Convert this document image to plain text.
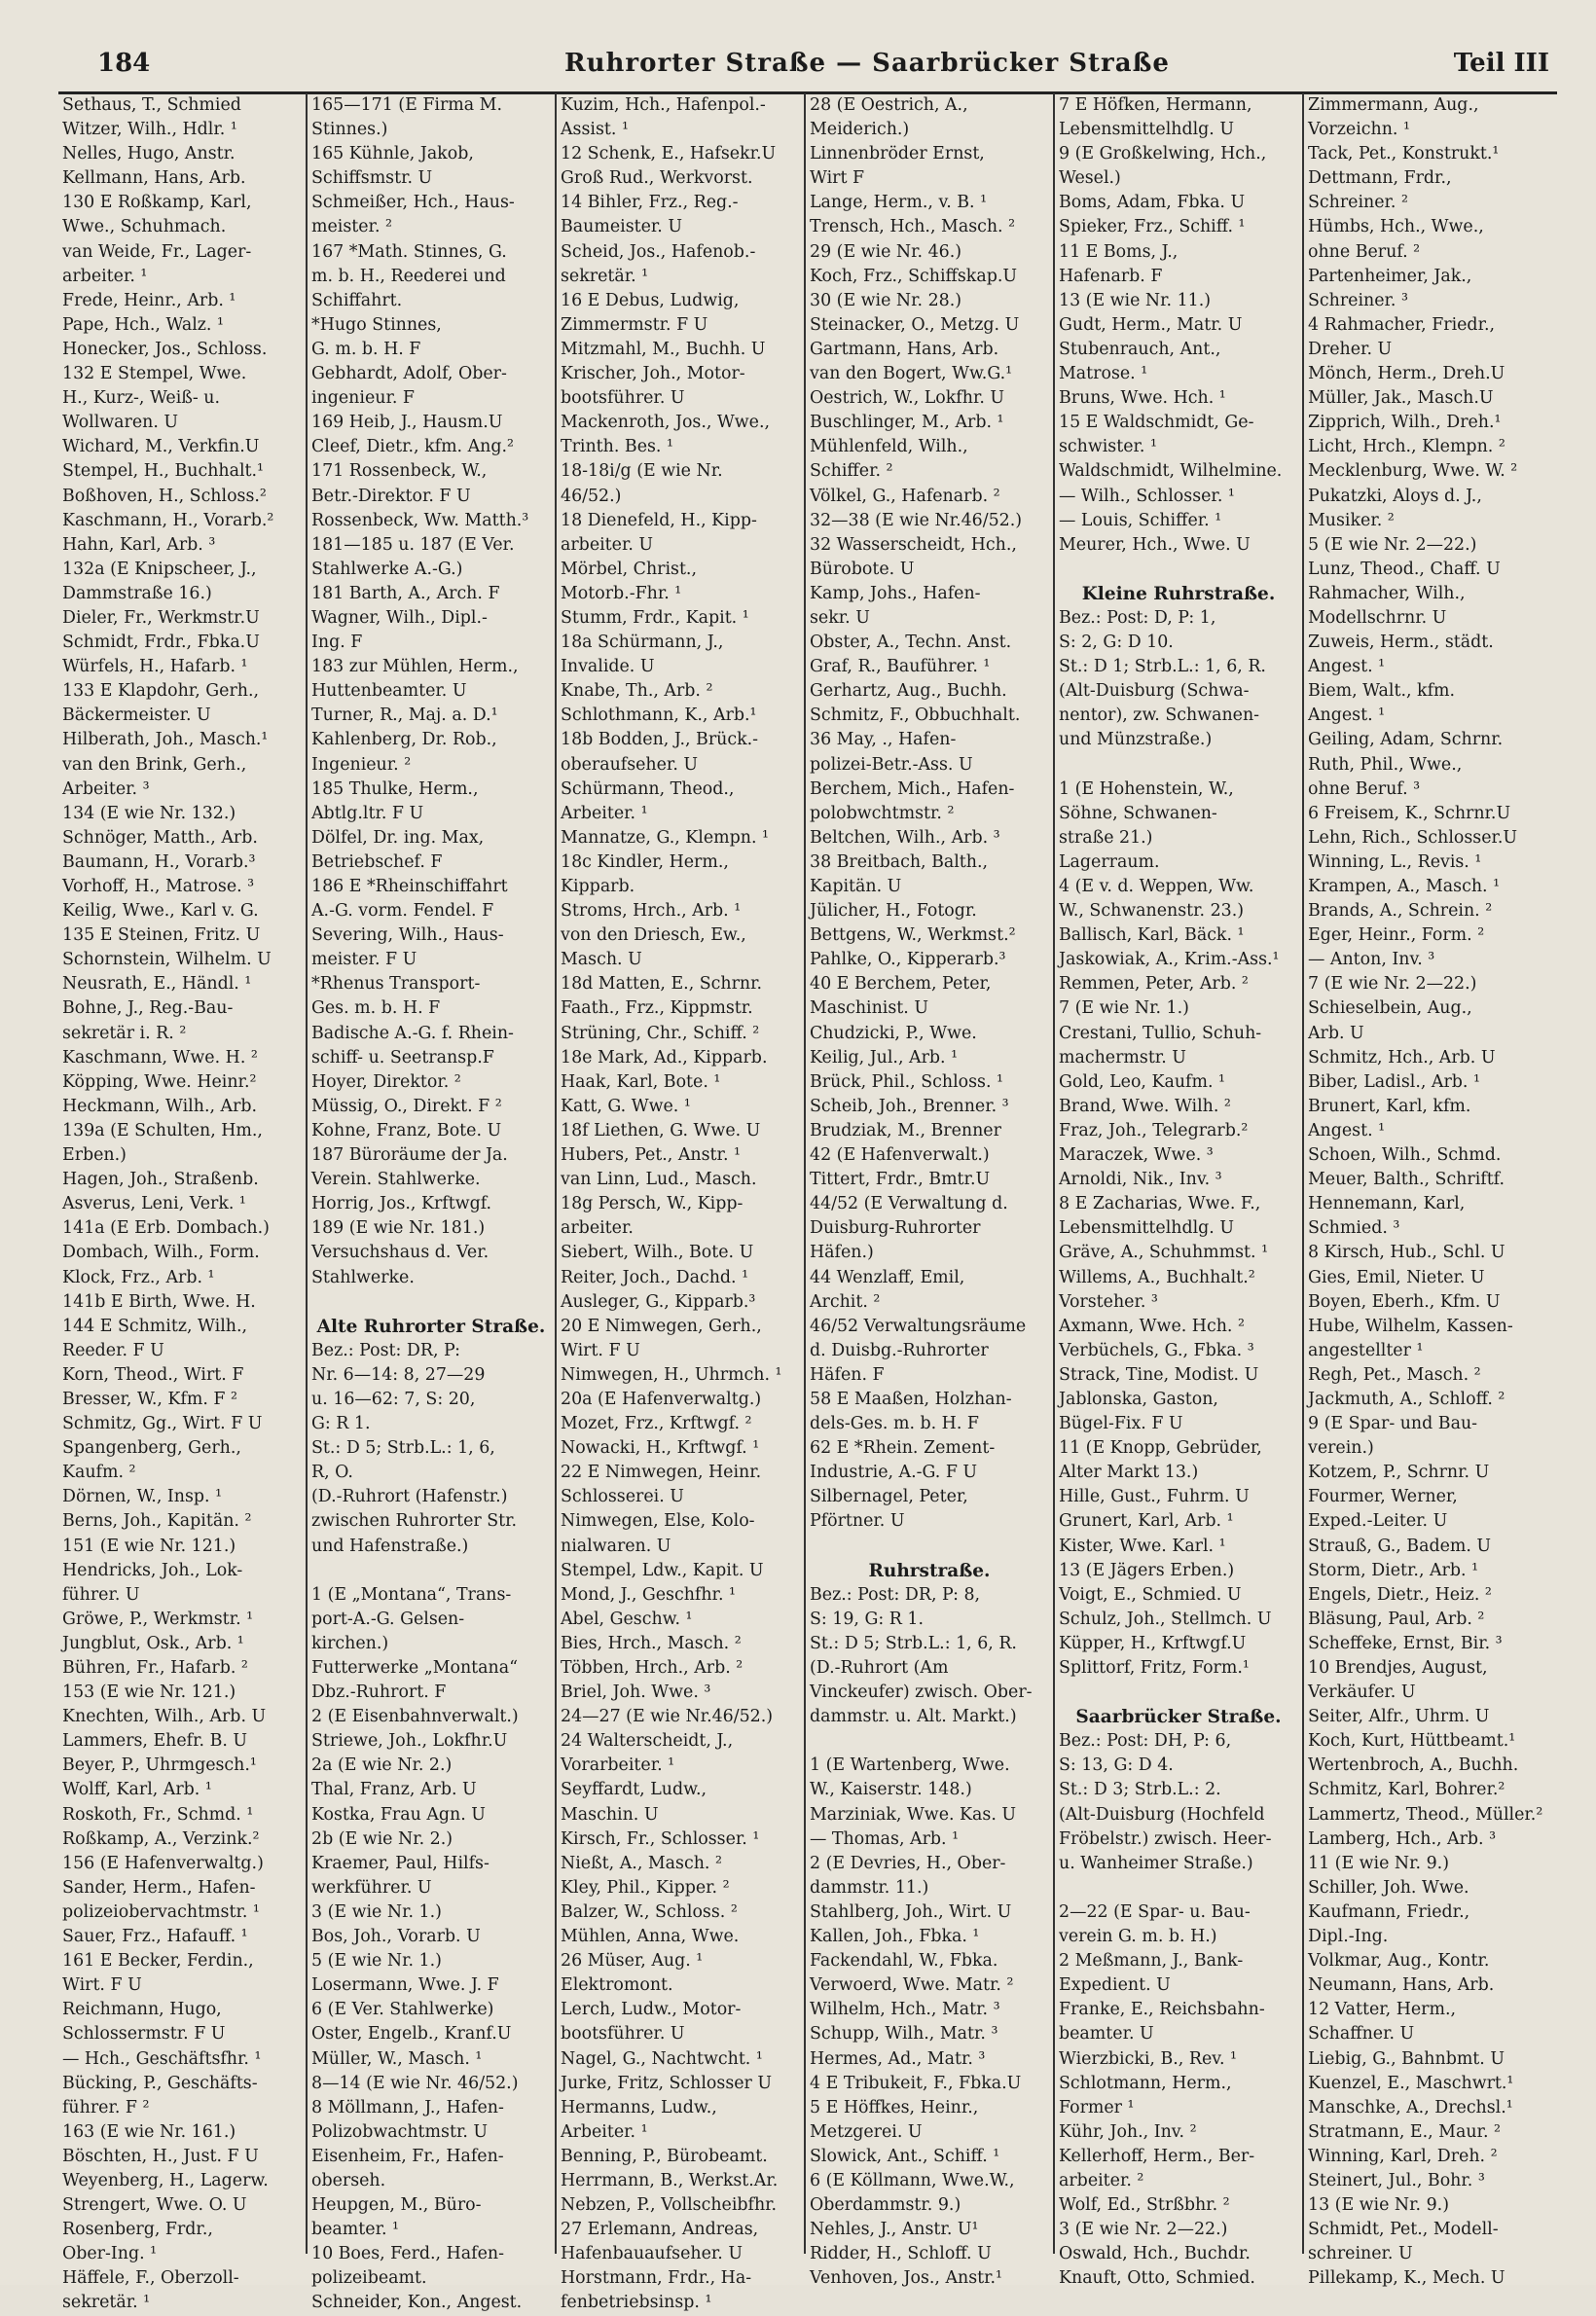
184	Ruhrorter Straße — Saarbrücker Straße	Teil III
Sethaus, T., Schmied
Witzer, Wilh., Hdlr. ¹
Nelles, Hugo, Anstr.
Kellmann, Hans, Arb.
130 E Roßkamp, Karl,
Wwe., Schuhmach.
van Weide, Fr., Lager-
arbeiter. ¹
Frede, Heinr., Arb. ¹
Pape, Hch., Walz. ¹
Honecker, Jos., Schloss.
132 E Stempel, Wwe.
H., Kurz-, Weiß- u.
Wollwaren. U
Wichard, M., Verkfin.U
Stempel, H., Buchhalt.¹
Boßhoven, H., Schloss.²
Kaschmann, H., Vorarb.²
Hahn, Karl, Arb. ³
132a (E Knipscheer, J.,
Dammstraße 16.)
Dieler, Fr., Werkmstr.U
Schmidt, Frdr., Fbka.U
Würfels, H., Hafarb. ¹
133 E Klapdohr, Gerh.,
Bäckermeister. U
Hilberath, Joh., Masch.¹
van den Brink, Gerh.,
Arbeiter. ³
134 (E wie Nr. 132.)
Schnöger, Matth., Arb.
Baumann, H., Vorarb.³
Vorhoff, H., Matrose. ³
Keilig, Wwe., Karl v. G.
135 E Steinen, Fritz. U
Schornstein, Wilhelm. U
Neusrath, E., Händl. ¹
Bohne, J., Reg.-Bau-
sekretär i. R. ²
Kaschmann, Wwe. H. ²
Köpping, Wwe. Heinr.²
Heckmann, Wilh., Arb.
139a (E Schulten, Hm.,
Erben.)
Hagen, Joh., Straßenb.
Asverus, Leni, Verk. ¹
141a (E Erb. Dombach.)
Dombach, Wilh., Form.
Klock, Frz., Arb. ¹
141b E Birth, Wwe. H.
144 E Schmitz, Wilh.,
Reeder. F U
Korn, Theod., Wirt. F
Bresser, W., Kfm. F ²
Schmitz, Gg., Wirt. F U
Spangenberg, Gerh.,
Kaufm. ²
Dörnen, W., Insp. ¹
Berns, Joh., Kapitän. ²
151 (E wie Nr. 121.)
Hendricks, Joh., Lok-
führer. U
Gröwe, P., Werkmstr. ¹
Jungblut, Osk., Arb. ¹
Bühren, Fr., Hafarb. ²
153 (E wie Nr. 121.)
Knechten, Wilh., Arb. U
Lammers, Ehefr. B. U
Beyer, P., Uhrmgesch.¹
Wolff, Karl, Arb. ¹
Roskoth, Fr., Schmd. ¹
Roßkamp, A., Verzink.²
156 (E Hafenverwaltg.)
Sander, Herm., Hafen-
polizeiobervachtmstr. ¹
Sauer, Frz., Hafauff. ¹
161 E Becker, Ferdin.,
Wirt. F U
Reichmann, Hugo,
Schlossermstr. F U
— Hch., Geschäftsfhr. ¹
Bücking, P., Geschäfts-
führer. F ²
163 (E wie Nr. 161.)
Böschten, H., Just. F U
Weyenberg, H., Lagerw.
Strengert, Wwe. O. U
Rosenberg, Frdr.,
Ober-Ing. ¹
Häffele, F., Oberzoll-
sekretär. ¹
165—171 (E Firma M.
Stinnes.)
165 Kühnle, Jakob,
Schiffsmstr. U
Schmeißer, Hch., Haus-
meister. ²
167 *Math. Stinnes, G.
m. b. H., Reederei und
Schiffahrt.
*Hugo Stinnes,
G. m. b. H. F
Gebhardt, Adolf, Ober-
ingenieur. F
169 Heib, J., Hausm.U
Cleef, Dietr., kfm. Ang.²
171 Rossenbeck, W.,
Betr.-Direktor. F U
Rossenbeck, Ww. Matth.³
181—185 u. 187 (E Ver.
Stahlwerke A.-G.)
181 Barth, A., Arch. F
Wagner, Wilh., Dipl.-
Ing. F
183 zur Mühlen, Herm.,
Huttenbeamter. U
Turner, R., Maj. a. D.¹
Kahlenberg, Dr. Rob.,
Ingenieur. ²
185 Thulke, Herm.,
Abtlg.ltr. F U
Dölfel, Dr. ing. Max,
Betriebschef. F
186 E *Rheinschiffahrt
A.-G. vorm. Fendel. F
Severing, Wilh., Haus-
meister. F U
*Rhenus Transport-
Ges. m. b. H. F
Badische A.-G. f. Rhein-
schiff- u. Seetransp.F
Hoyer, Direktor. ²
Müssig, O., Direkt. F ²
Kohne, Franz, Bote. U
187 Büroräume der Ja.
Verein. Stahlwerke.
Horrig, Jos., Krftwgf.
189 (E wie Nr. 181.)
Versuchshaus d. Ver.
Stahlwerke.
Alte Ruhrorter Straße.
Bez.: Post: DR, P:
Nr. 6—14: 8, 27—29
u. 16—62: 7, S: 20,
G: R 1.
St.: D 5; Strb.L.: 1, 6,
R, O.
(D.-Ruhrort (Hafenstr.)
zwischen Ruhrorter Str.
und Hafenstraße.)
1 (E „Montana“, Trans-
port-A.-G. Gelsen-
kirchen.)
Futterwerke „Montana“
Dbz.-Ruhrort. F
2 (E Eisenbahnverwalt.)
Striewe, Joh., Lokfhr.U
2a (E wie Nr. 2.)
Thal, Franz, Arb. U
Kostka, Frau Agn. U
2b (E wie Nr. 2.)
Kraemer, Paul, Hilfs-
werkführer. U
3 (E wie Nr. 1.)
Bos, Joh., Vorarb. U
5 (E wie Nr. 1.)
Losermann, Wwe. J. F
6 (E Ver. Stahlwerke)
Oster, Engelb., Kranf.U
Müller, W., Masch. ¹
8—14 (E wie Nr. 46/52.)
8 Möllmann, J., Hafen-
Polizobwachtmstr. U
Eisenheim, Fr., Hafen-
oberseh.
Heupgen, M., Büro-
beamter. ¹
10 Boes, Ferd., Hafen-
polizeibeamt.
Schneider, Kon., Angest.
Kuzim, Hch., Hafenpol.-
Assist. ¹
12 Schenk, E., Hafsekr.U
Groß Rud., Werkvorst.
14 Bihler, Frz., Reg.-
Baumeister. U
Scheid, Jos., Hafenob.-
sekretär. ¹
16 E Debus, Ludwig,
Zimmermstr. F U
Mitzmahl, M., Buchh. U
Krischer, Joh., Motor-
bootsführer. U
Mackenroth, Jos., Wwe.,
Trinth. Bes. ¹
18-18i/g (E wie Nr.
46/52.)
18 Dienefeld, H., Kipp-
arbeiter. U
Mörbel, Christ.,
Motorb.-Fhr. ¹
Stumm, Frdr., Kapit. ¹
18a Schürmann, J.,
Invalide. U
Knabe, Th., Arb. ²
Schlothmann, K., Arb.¹
18b Bodden, J., Brück.-
oberaufseher. U
Schürmann, Theod.,
Arbeiter. ¹
Mannatze, G., Klempn. ¹
18c Kindler, Herm.,
Kipparb.
Stroms, Hrch., Arb. ¹
von den Driesch, Ew.,
Masch. U
18d Matten, E., Schrnr.
Faath., Frz., Kippmstr.
Strüning, Chr., Schiff. ²
18e Mark, Ad., Kipparb.
Haak, Karl, Bote. ¹
Katt, G. Wwe. ¹
18f Liethen, G. Wwe. U
Hubers, Pet., Anstr. ¹
van Linn, Lud., Masch.
18g Persch, W., Kipp-
arbeiter.
Siebert, Wilh., Bote. U
Reiter, Joch., Dachd. ¹
Ausleger, G., Kipparb.³
20 E Nimwegen, Gerh.,
Wirt. F U
Nimwegen, H., Uhrmch. ¹
20a (E Hafenverwaltg.)
Mozet, Frz., Krftwgf. ²
Nowacki, H., Krftwgf. ¹
22 E Nimwegen, Heinr.
Schlosserei. U
Nimwegen, Else, Kolo-
nialwaren. U
Stempel, Ldw., Kapit. U
Mond, J., Geschfhr. ¹
Abel, Geschw. ¹
Bies, Hrch., Masch. ²
Többen, Hrch., Arb. ²
Briel, Joh. Wwe. ³
24—27 (E wie Nr.46/52.)
24 Walterscheidt, J.,
Vorarbeiter. ¹
Seyffardt, Ludw.,
Maschin. U
Kirsch, Fr., Schlosser. ¹
Nießt, A., Masch. ²
Kley, Phil., Kipper. ²
Balzer, W., Schloss. ²
Mühlen, Anna, Wwe.
26 Müser, Aug. ¹
Elektromont.
Lerch, Ludw., Motor-
bootsführer. U
Nagel, G., Nachtwcht. ¹
Jurke, Fritz, Schlosser U
Hermanns, Ludw.,
Arbeiter. ¹
Benning, P., Bürobeamt.
Herrmann, B., Werkst.Ar.
Nebzen, P., Vollscheibfhr.
27 Erlemann, Andreas,
Hafenbauaufseher. U
Horstmann, Frdr., Ha-
fenbetriebsinsp. ¹
28 (E Oestrich, A.,
Meiderich.)
Linnenbröder Ernst,
Wirt F
Lange, Herm., v. B. ¹
Trensch, Hch., Masch. ²
29 (E wie Nr. 46.)
Koch, Frz., Schiffskap.U
30 (E wie Nr. 28.)
Steinacker, O., Metzg. U
Gartmann, Hans, Arb.
van den Bogert, Ww.G.¹
Oestrich, W., Lokfhr. U
Buschlinger, M., Arb. ¹
Mühlenfeld, Wilh.,
Schiffer. ²
Völkel, G., Hafenarb. ²
32—38 (E wie Nr.46/52.)
32 Wasserscheidt, Hch.,
Bürobote. U
Kamp, Johs., Hafen-
sekr. U
Obster, A., Techn. Anst.
Graf, R., Bauführer. ¹
Gerhartz, Aug., Buchh.
Schmitz, F., Obbuchhalt.
36 May, ., Hafen-
polizei-Betr.-Ass. U
Berchem, Mich., Hafen-
polobwchtmstr. ²
Beltchen, Wilh., Arb. ³
38 Breitbach, Balth.,
Kapitän. U
Jülicher, H., Fotogr.
Bettgens, W., Werkmst.²
Pahlke, O., Kipperarb.³
40 E Berchem, Peter,
Maschinist. U
Chudzicki, P., Wwe.
Keilig, Jul., Arb. ¹
Brück, Phil., Schloss. ¹
Scheib, Joh., Brenner. ³
Brudziak, M., Brenner
42 (E Hafenverwalt.)
Tittert, Frdr., Bmtr.U
44/52 (E Verwaltung d.
Duisburg-Ruhrorter
Häfen.)
44 Wenzlaff, Emil,
Archit. ²
46/52 Verwaltungsräume
d. Duisbg.-Ruhrorter
Häfen. F
58 E Maaßen, Holzhan-
dels-Ges. m. b. H. F
62 E *Rhein. Zement-
Industrie, A.-G. F U
Silbernagel, Peter,
Pförtner. U
Ruhrstraße.
Bez.: Post: DR, P: 8,
S: 19, G: R 1.
St.: D 5; Strb.L.: 1, 6, R.
(D.-Ruhrort (Am
Vinckeufer) zwisch. Ober-
dammstr. u. Alt. Markt.)
1 (E Wartenberg, Wwe.
W., Kaiserstr. 148.)
Marziniak, Wwe. Kas. U
— Thomas, Arb. ¹
2 (E Devries, H., Ober-
dammstr. 11.)
Stahlberg, Joh., Wirt. U
Kallen, Joh., Fbka. ¹
Fackendahl, W., Fbka.
Verwoerd, Wwe. Matr. ²
Wilhelm, Hch., Matr. ³
Schupp, Wilh., Matr. ³
Hermes, Ad., Matr. ³
4 E Tribukeit, F., Fbka.U
5 E Höffkes, Heinr.,
Metzgerei. U
Slowick, Ant., Schiff. ¹
6 (E Köllmann, Wwe.W.,
Oberdammstr. 9.)
Nehles, J., Anstr. U¹
Ridder, H., Schloff. U
Venhoven, Jos., Anstr.¹
7 E Höfken, Hermann,
Lebensmittelhdlg. U
9 (E Großkelwing, Hch.,
Wesel.)
Boms, Adam, Fbka. U
Spieker, Frz., Schiff. ¹
11 E Boms, J.,
Hafenarb. F
13 (E wie Nr. 11.)
Gudt, Herm., Matr. U
Stubenrauch, Ant.,
Matrose. ¹
Bruns, Wwe. Hch. ¹
15 E Waldschmidt, Ge-
schwister. ¹
Waldschmidt, Wilhelmine.
— Wilh., Schlosser. ¹
— Louis, Schiffer. ¹
Meurer, Hch., Wwe. U
Kleine Ruhrstraße.
Bez.: Post: D, P: 1,
S: 2, G: D 10.
St.: D 1; Strb.L.: 1, 6, R.
(Alt-Duisburg (Schwa-
nentor), zw. Schwanen-
und Münzstraße.)
1 (E Hohenstein, W.,
Söhne, Schwanen-
straße 21.)
Lagerraum.
4 (E v. d. Weppen, Ww.
W., Schwanenstr. 23.)
Ballisch, Karl, Bäck. ¹
Jaskowiak, A., Krim.-Ass.¹
Remmen, Peter, Arb. ²
7 (E wie Nr. 1.)
Crestani, Tullio, Schuh-
machermstr. U
Gold, Leo, Kaufm. ¹
Brand, Wwe. Wilh. ²
Fraz, Joh., Telegrarb.²
Maraczek, Wwe. ³
Arnoldi, Nik., Inv. ³
8 E Zacharias, Wwe. F.,
Lebensmittelhdlg. U
Gräve, A., Schuhmmst. ¹
Willems, A., Buchhalt.²
Vorsteher. ³
Axmann, Wwe. Hch. ²
Verbüchels, G., Fbka. ³
Strack, Tine, Modist. U
Jablonska, Gaston,
Bügel-Fix. F U
11 (E Knopp, Gebrüder,
Alter Markt 13.)
Hille, Gust., Fuhrm. U
Grunert, Karl, Arb. ¹
Kister, Wwe. Karl. ¹
13 (E Jägers Erben.)
Voigt, E., Schmied. U
Schulz, Joh., Stellmch. U
Küpper, H., Krftwgf.U
Splittorf, Fritz, Form.¹
Saarbrücker Straße.
Bez.: Post: DH, P: 6,
S: 13, G: D 4.
St.: D 3; Strb.L.: 2.
(Alt-Duisburg (Hochfeld
Fröbelstr.) zwisch. Heer-
u. Wanheimer Straße.)
2—22 (E Spar- u. Bau-
verein G. m. b. H.)
2 Meßmann, J., Bank-
Expedient. U
Franke, E., Reichsbahn-
beamter. U
Wierzbicki, B., Rev. ¹
Schlotmann, Herm.,
Former ¹
Kühr, Joh., Inv. ²
Kellerhoff, Herm., Ber-
arbeiter. ²
Wolf, Ed., Strßbhr. ²
3 (E wie Nr. 2—22.)
Oswald, Hch., Buchdr.
Knauft, Otto, Schmied.
Zimmermann, Aug.,
Vorzeichn. ¹
Tack, Pet., Konstrukt.¹
Dettmann, Frdr.,
Schreiner. ²
Hümbs, Hch., Wwe.,
ohne Beruf. ²
Partenheimer, Jak.,
Schreiner. ³
4 Rahmacher, Friedr.,
Dreher. U
Mönch, Herm., Dreh.U
Müller, Jak., Masch.U
Zipprich, Wilh., Dreh.¹
Licht, Hrch., Klempn. ²
Mecklenburg, Wwe. W. ²
Pukatzki, Aloys d. J.,
Musiker. ²
5 (E wie Nr. 2—22.)
Lunz, Theod., Chaff. U
Rahmacher, Wilh.,
Modellschrnr. U
Zuweis, Herm., städt.
Angest. ¹
Biem, Walt., kfm.
Angest. ¹
Geiling, Adam, Schrnr.
Ruth, Phil., Wwe.,
ohne Beruf. ³
6 Freisem, K., Schrnr.U
Lehn, Rich., Schlosser.U
Winning, L., Revis. ¹
Krampen, A., Masch. ¹
Brands, A., Schrein. ²
Eger, Heinr., Form. ²
— Anton, Inv. ³
7 (E wie Nr. 2—22.)
Schieselbein, Aug.,
Arb. U
Schmitz, Hch., Arb. U
Biber, Ladisl., Arb. ¹
Brunert, Karl, kfm.
Angest. ¹
Schoen, Wilh., Schmd.
Meuer, Balth., Schriftf.
Hennemann, Karl,
Schmied. ³
8 Kirsch, Hub., Schl. U
Gies, Emil, Nieter. U
Boyen, Eberh., Kfm. U
Hube, Wilhelm, Kassen-
angestellter ¹
Regh, Pet., Masch. ²
Jackmuth, A., Schloff. ²
9 (E Spar- und Bau-
verein.)
Kotzem, P., Schrnr. U
Fourmer, Werner,
Exped.-Leiter. U
Strauß, G., Badem. U
Storm, Dietr., Arb. ¹
Engels, Dietr., Heiz. ²
Bläsung, Paul, Arb. ²
Scheffeke, Ernst, Bir. ³
10 Brendjes, August,
Verkäufer. U
Seiter, Alfr., Uhrm. U
Koch, Kurt, Hüttbeamt.¹
Wertenbroch, A., Buchh.
Schmitz, Karl, Bohrer.²
Lammertz, Theod., Müller.²
Lamberg, Hch., Arb. ³
11 (E wie Nr. 9.)
Schiller, Joh. Wwe.
Kaufmann, Friedr.,
Dipl.-Ing.
Volkmar, Aug., Kontr.
Neumann, Hans, Arb.
12 Vatter, Herm.,
Schaffner. U
Liebig, G., Bahnbmt. U
Kuenzel, E., Maschwrt.¹
Manschke, A., Drechsl.¹
Stratmann, E., Maur. ²
Winning, Karl, Dreh. ²
Steinert, Jul., Bohr. ³
13 (E wie Nr. 9.)
Schmidt, Pet., Modell-
schreiner. U
Pillekamp, K., Mech. U
